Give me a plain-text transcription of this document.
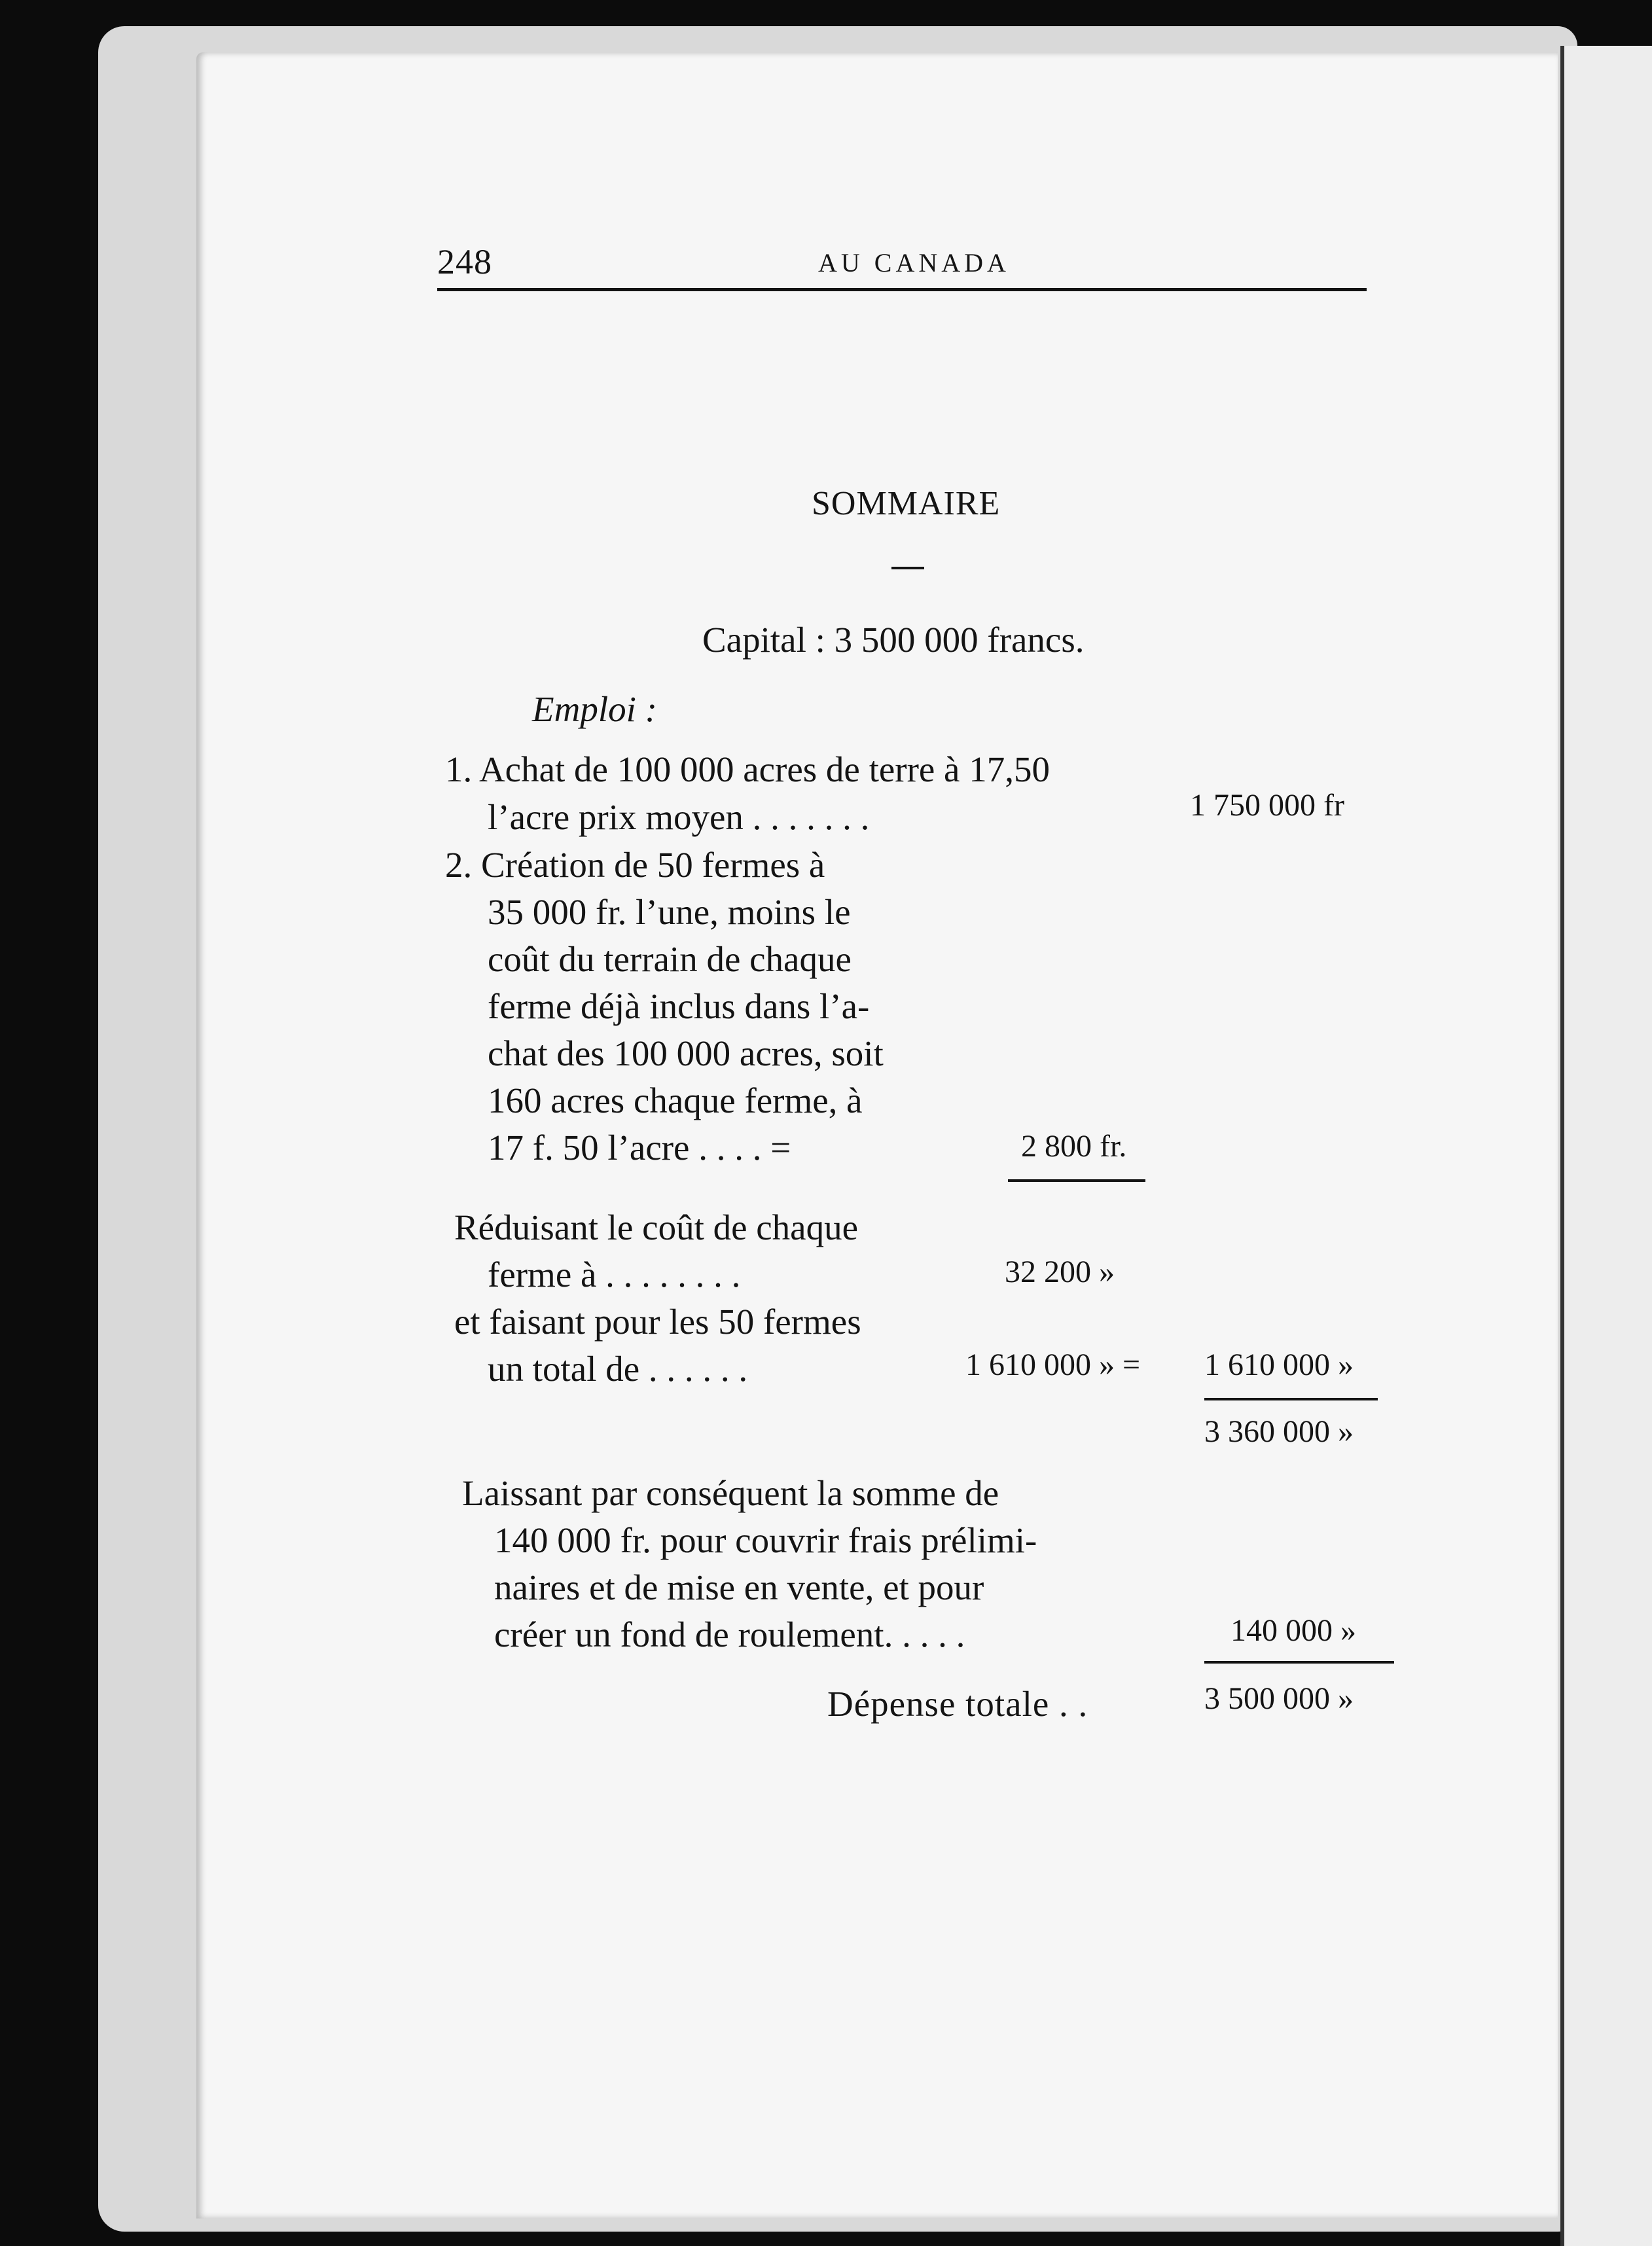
248	AU CANADA
SOMMAIRE
Capital : 3 500 000 francs.
Emploi :
1. Achat de 100 000 acres de terre à 17,50
l’acre prix moyen . . . . . . .	1 750 000 fr
2. Création de 50 fermes à
35 000 fr. l’une, moins le
coût du terrain de chaque
ferme déjà inclus dans l’a-
chat des 100 000 acres, soit
160 acres chaque ferme, à
17 f. 50 l’acre . . . . =	2 800 fr.
Réduisant le coût de chaque
ferme à . . . . . . . .	32 200 »
et faisant pour les 50 fermes
un total de . . . . . .	1 610 000 » = 1 610 000 »
3 360 000 »
Laissant par conséquent la somme de
140 000 fr. pour couvrir frais prélimi-
naires et de mise en vente, et pour
créer un fond de roulement. . . . .	140 000 »
Dépense totale . .	3 500 000 »
